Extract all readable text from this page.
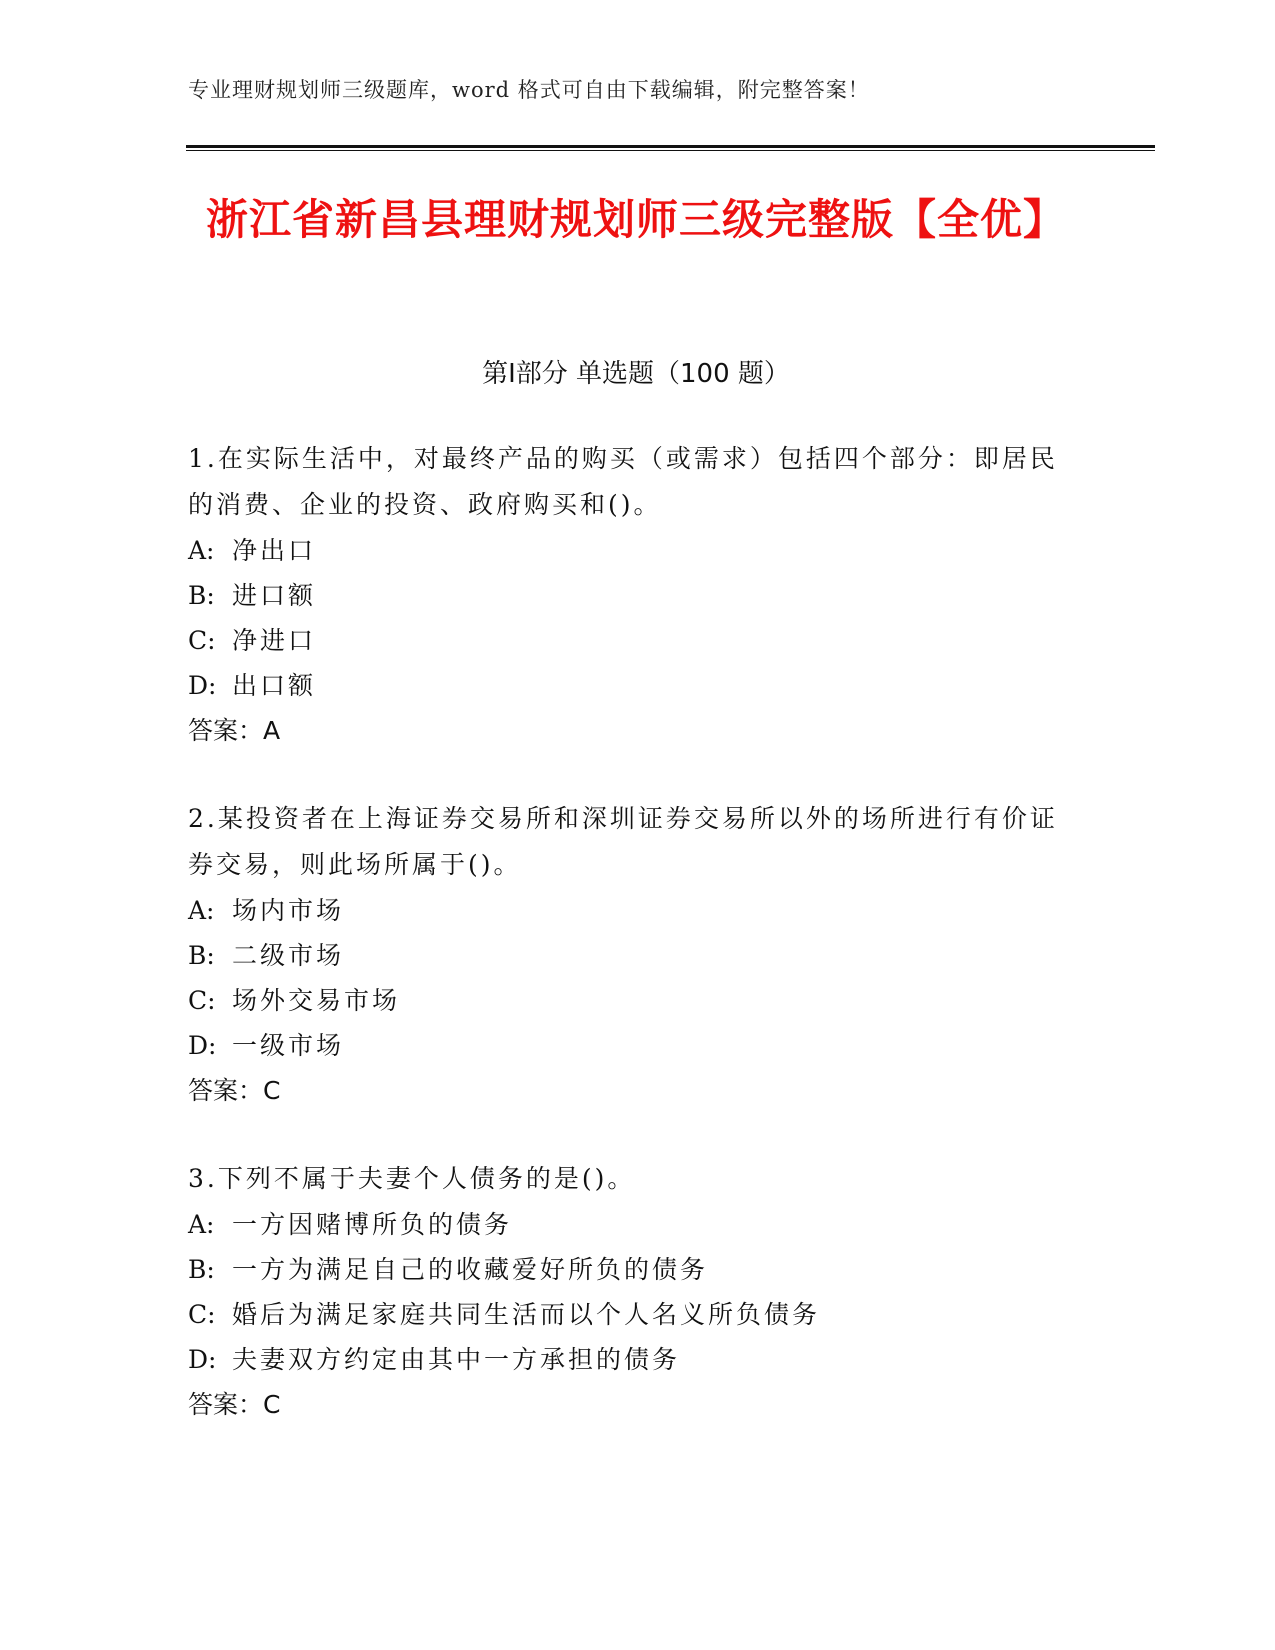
专业理财规划师三级题库，word 格式可自由下载编辑，附完整答案！
浙江省新昌县理财规划师三级完整版【全优】
第Ⅰ部分 单选题（100 题）

1.在实际生活中，对最终产品的购买（或需求）包括四个部分：即居民的消费、企业的投资、政府购买和()。

A: 净出口

B: 进口额

C: 净进口

D: 出口额

答案：A

2.某投资者在上海证券交易所和深圳证券交易所以外的场所进行有价证券交易，则此场所属于()。

A: 场内市场

B: 二级市场

C: 场外交易市场

D: 一级市场

答案：C

3.下列不属于夫妻个人债务的是()。

A: 一方因赌博所负的债务

B: 一方为满足自己的收藏爱好所负的债务

C: 婚后为满足家庭共同生活而以个人名义所负债务

D: 夫妻双方约定由其中一方承担的债务

答案：C
